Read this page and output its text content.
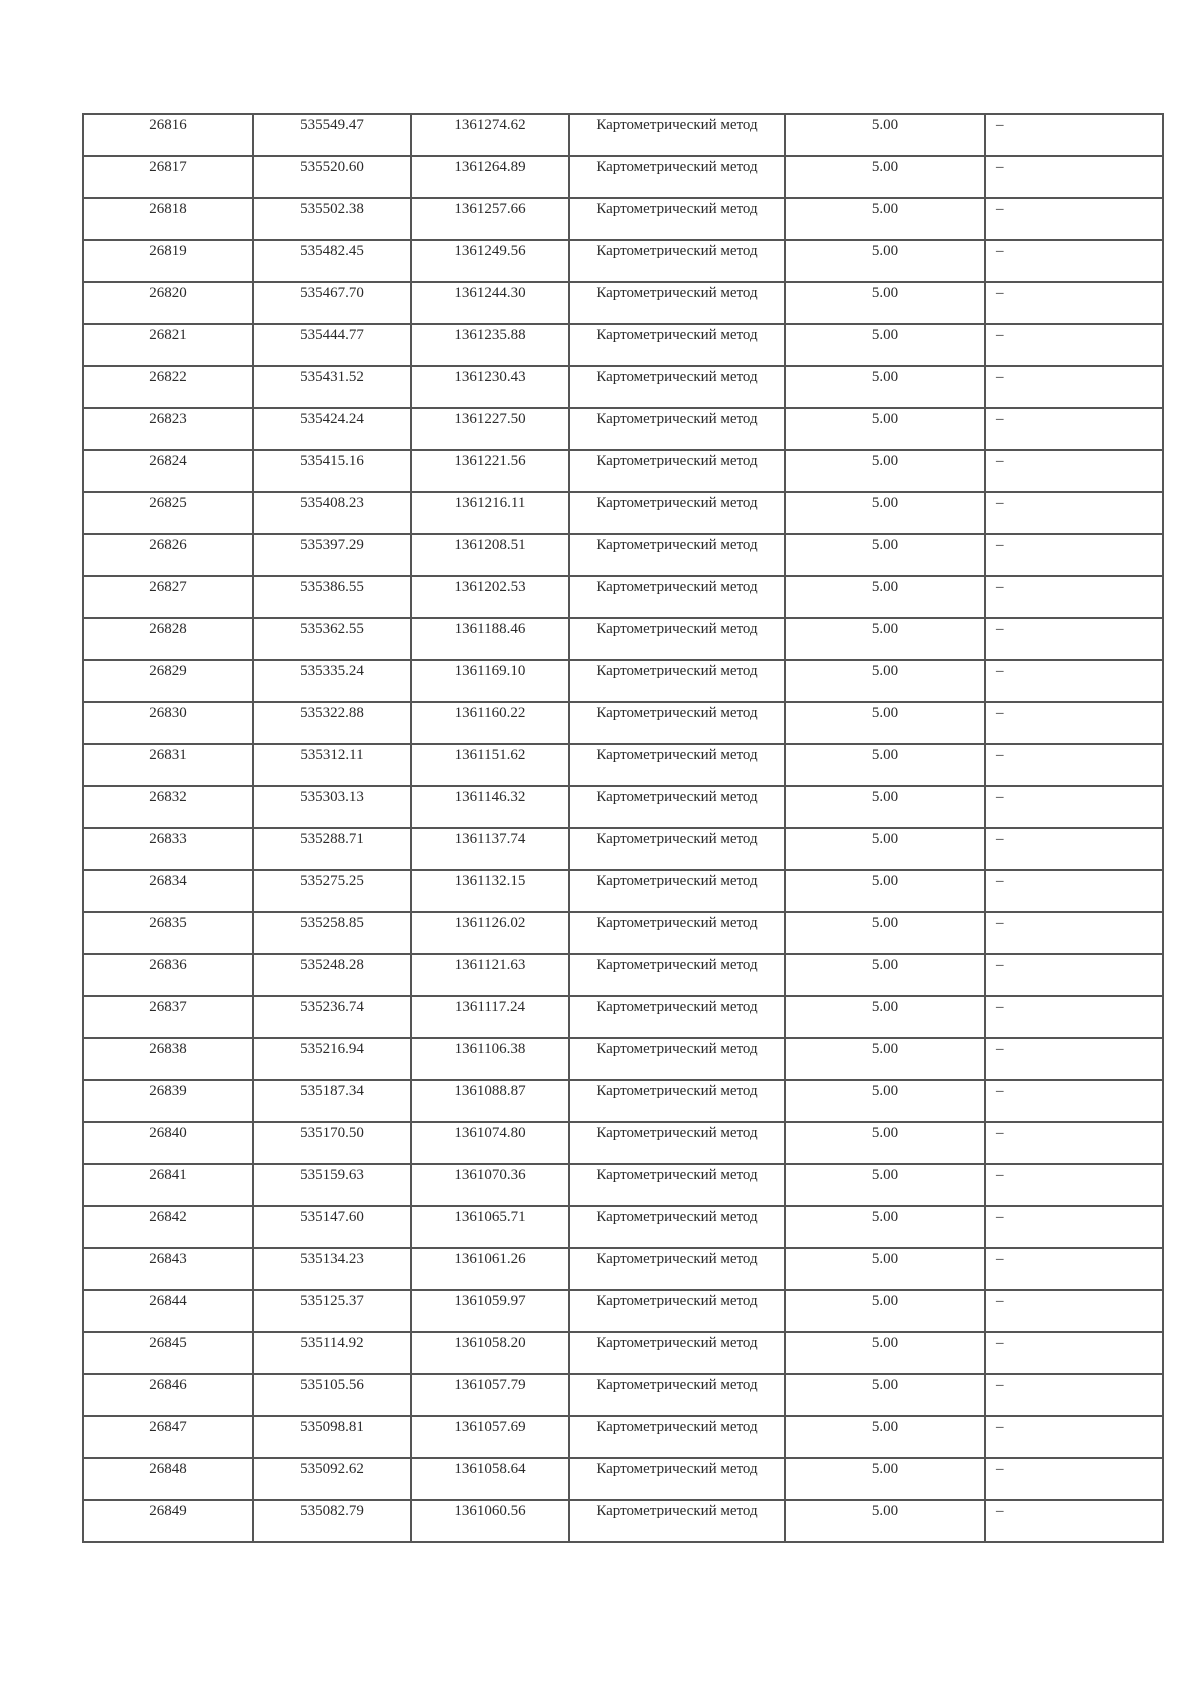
26816	535549.47	1361274.62	Картометрический метод	5.00	–
26817	535520.60	1361264.89	Картометрический метод	5.00	–
26818	535502.38	1361257.66	Картометрический метод	5.00	–
26819	535482.45	1361249.56	Картометрический метод	5.00	–
26820	535467.70	1361244.30	Картометрический метод	5.00	–
26821	535444.77	1361235.88	Картометрический метод	5.00	–
26822	535431.52	1361230.43	Картометрический метод	5.00	–
26823	535424.24	1361227.50	Картометрический метод	5.00	–
26824	535415.16	1361221.56	Картометрический метод	5.00	–
26825	535408.23	1361216.11	Картометрический метод	5.00	–
26826	535397.29	1361208.51	Картометрический метод	5.00	–
26827	535386.55	1361202.53	Картометрический метод	5.00	–
26828	535362.55	1361188.46	Картометрический метод	5.00	–
26829	535335.24	1361169.10	Картометрический метод	5.00	–
26830	535322.88	1361160.22	Картометрический метод	5.00	–
26831	535312.11	1361151.62	Картометрический метод	5.00	–
26832	535303.13	1361146.32	Картометрический метод	5.00	–
26833	535288.71	1361137.74	Картометрический метод	5.00	–
26834	535275.25	1361132.15	Картометрический метод	5.00	–
26835	535258.85	1361126.02	Картометрический метод	5.00	–
26836	535248.28	1361121.63	Картометрический метод	5.00	–
26837	535236.74	1361117.24	Картометрический метод	5.00	–
26838	535216.94	1361106.38	Картометрический метод	5.00	–
26839	535187.34	1361088.87	Картометрический метод	5.00	–
26840	535170.50	1361074.80	Картометрический метод	5.00	–
26841	535159.63	1361070.36	Картометрический метод	5.00	–
26842	535147.60	1361065.71	Картометрический метод	5.00	–
26843	535134.23	1361061.26	Картометрический метод	5.00	–
26844	535125.37	1361059.97	Картометрический метод	5.00	–
26845	535114.92	1361058.20	Картометрический метод	5.00	–
26846	535105.56	1361057.79	Картометрический метод	5.00	–
26847	535098.81	1361057.69	Картометрический метод	5.00	–
26848	535092.62	1361058.64	Картометрический метод	5.00	–
26849	535082.79	1361060.56	Картометрический метод	5.00	–
